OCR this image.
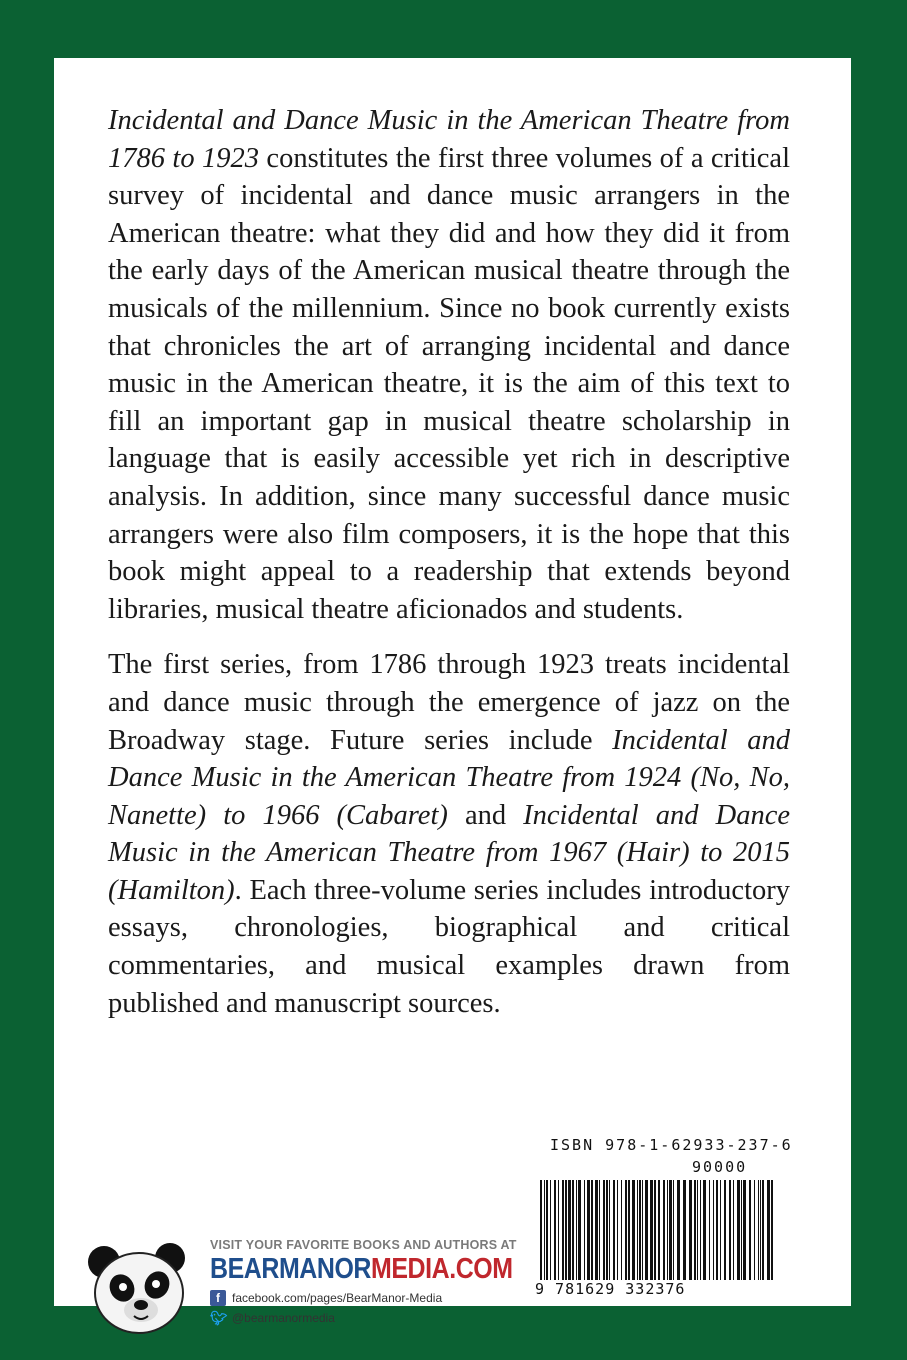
Incidental and Dance Music in the American Theatre from 1786 to 1923 constitutes the first three volumes of a critical survey of incidental and dance music arrangers in the American theatre: what they did and how they did it from the early days of the American musical theatre through the musicals of the millennium. Since no book currently exists that chronicles the art of arranging incidental and dance music in the American theatre, it is the aim of this text to fill an important gap in musical theatre scholarship in language that is easily accessible yet rich in descriptive analysis. In addition, since many successful dance music arrangers were also film composers, it is the hope that this book might appeal to a readership that extends beyond libraries, musical theatre aficionados and students.

The first series, from 1786 through 1923 treats incidental and dance music through the emergence of jazz on the Broadway stage. Future series include Incidental and Dance Music in the American Theatre from 1924 (No, No, Nanette) to 1966 (Cabaret) and Incidental and Dance Music in the American Theatre from 1967 (Hair) to 2015 (Hamilton). Each three-volume series includes introductory essays, chronologies, biographical and critical commentaries, and musical examples drawn from published and manuscript sources.

VISIT YOUR FAVORITE BOOKS AND AUTHORS AT
BEARMANORMEDIA.COM
f	facebook.com/pages/BearManor-Media
🐦︎ @bearmanormedia
ISBN 978-1-62933-237-6
90000
9 781629 332376
